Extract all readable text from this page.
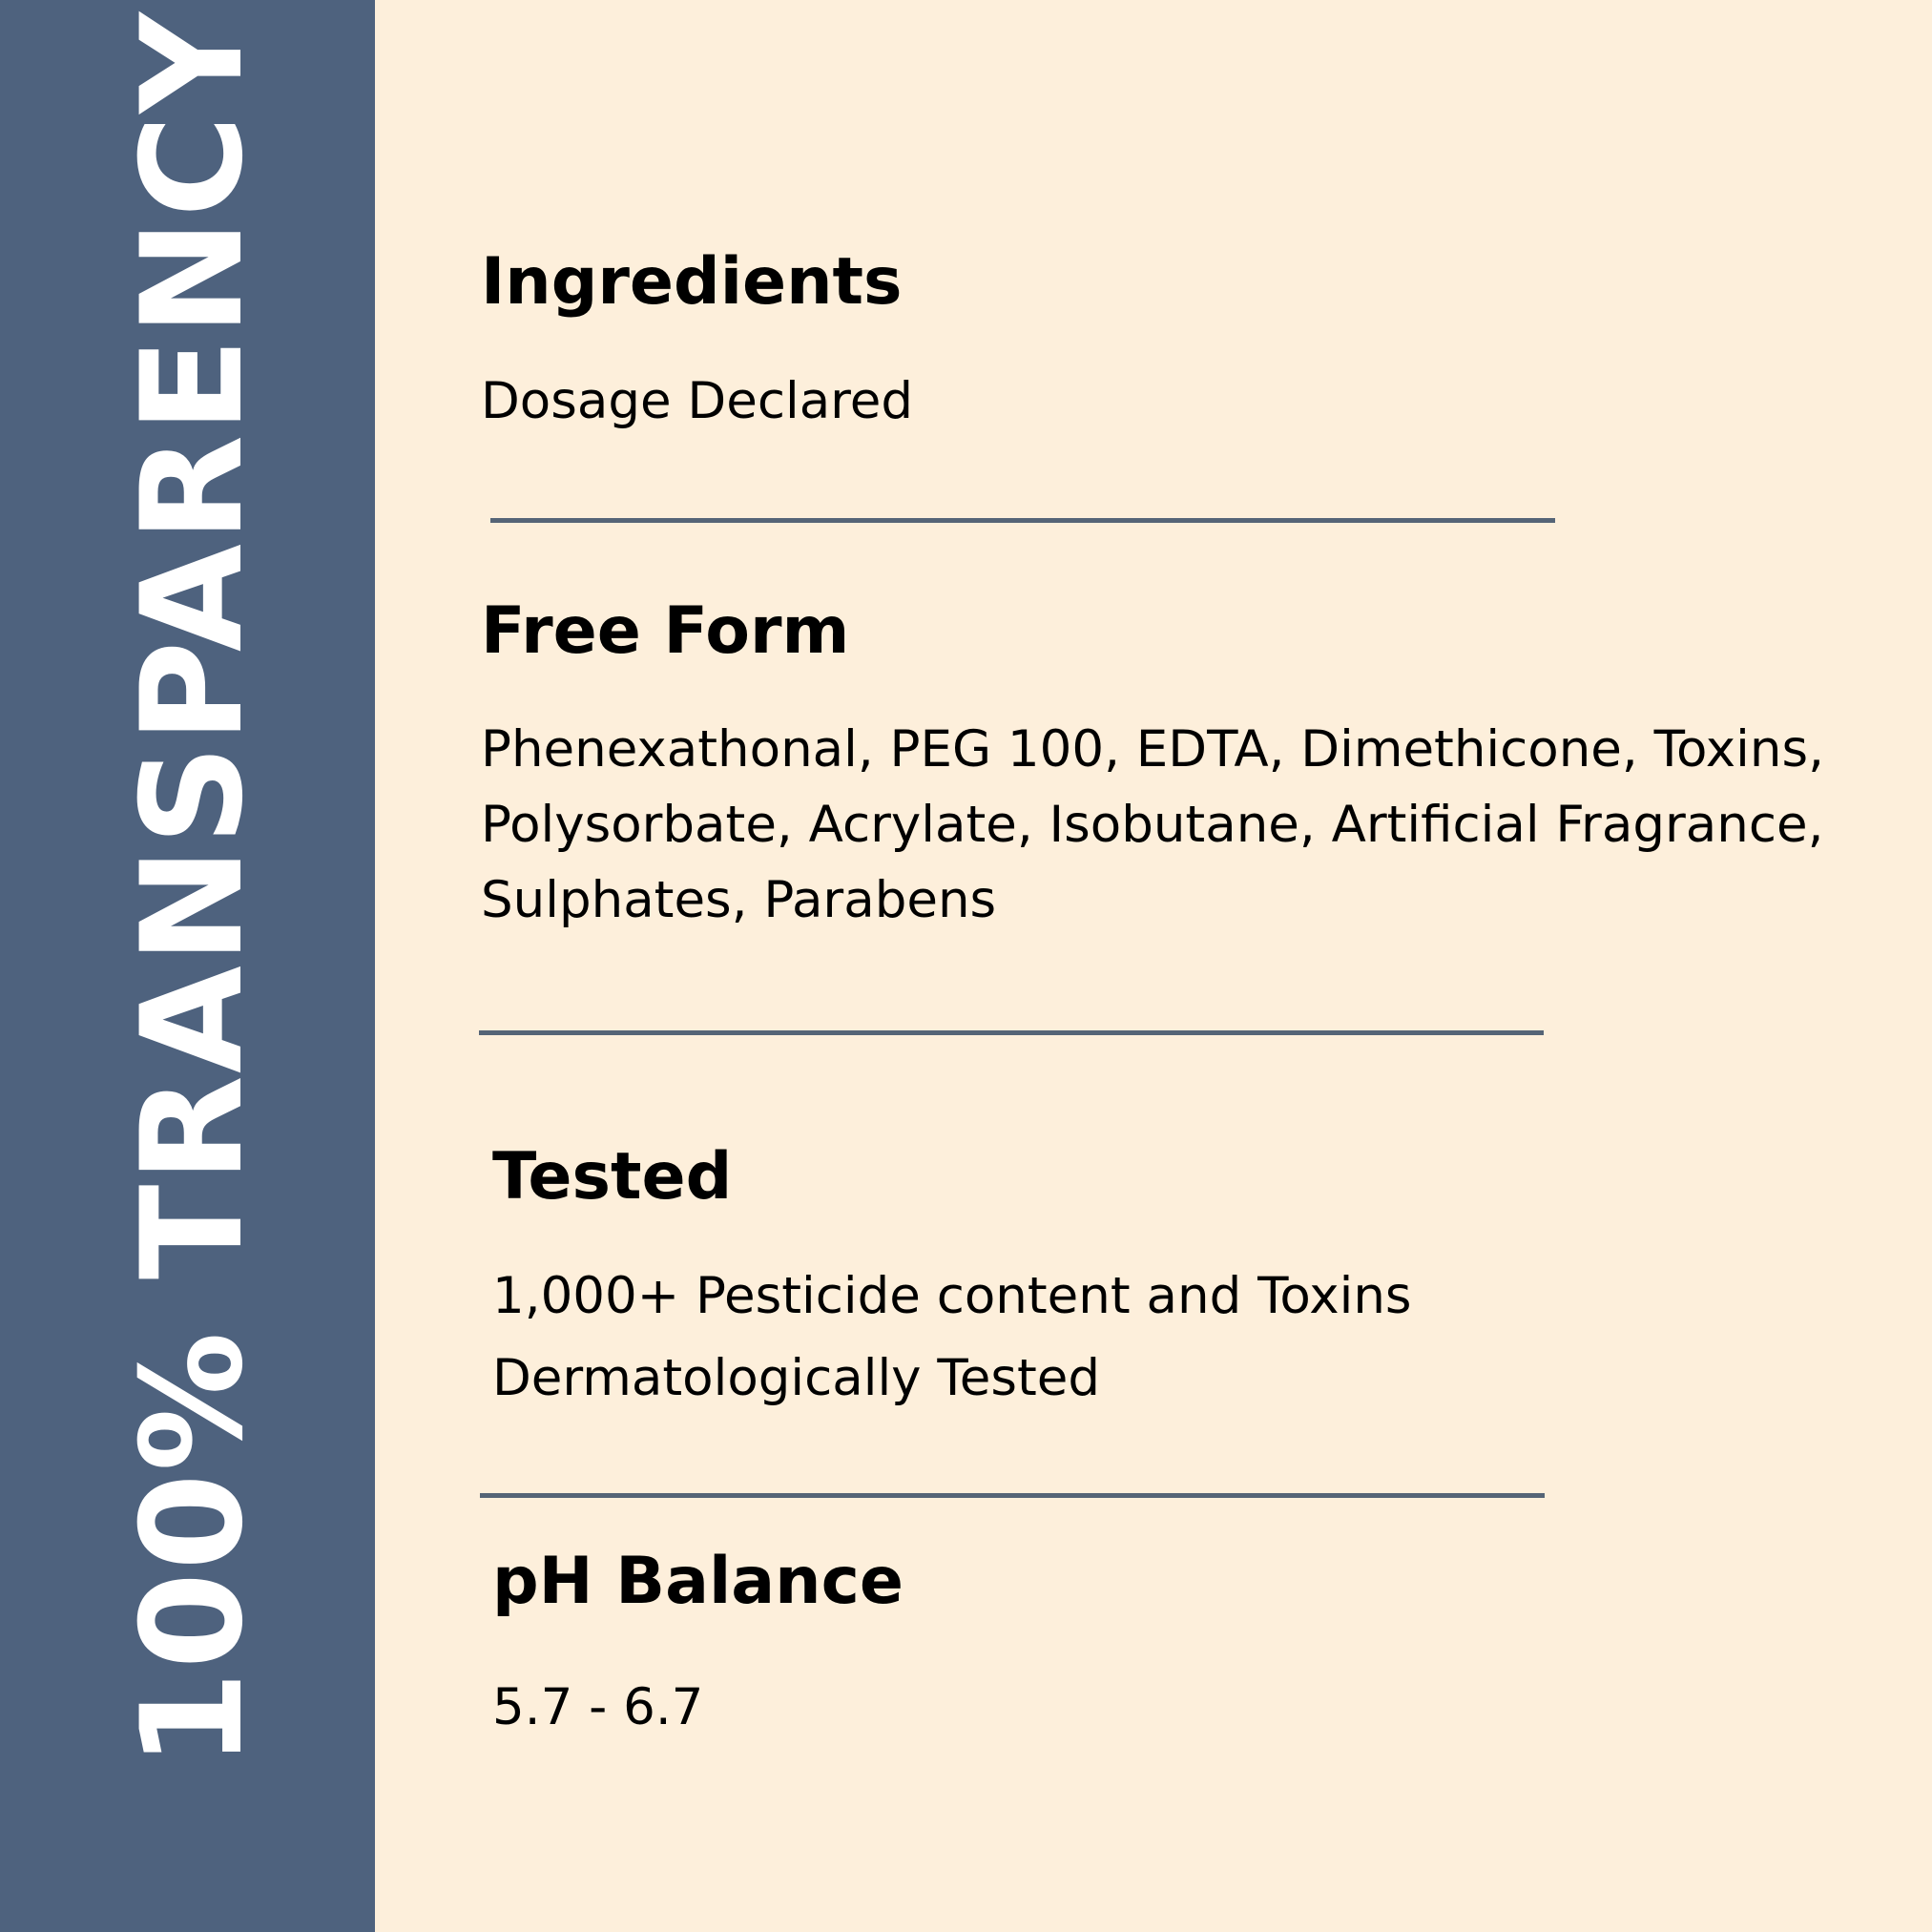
100% TRANSPARENCY	Ingredients
Dosage Declared
Free Form
Phenexathonal, PEG 100, EDTA, Dimethicone, Toxins,
Polysorbate, Acrylate, Isobutane, Artificial Fragrance,
Sulphates, Parabens
Tested
1,000+ Pesticide content and Toxins
Dermatologically Tested
pH Balance
5.7 - 6.7
